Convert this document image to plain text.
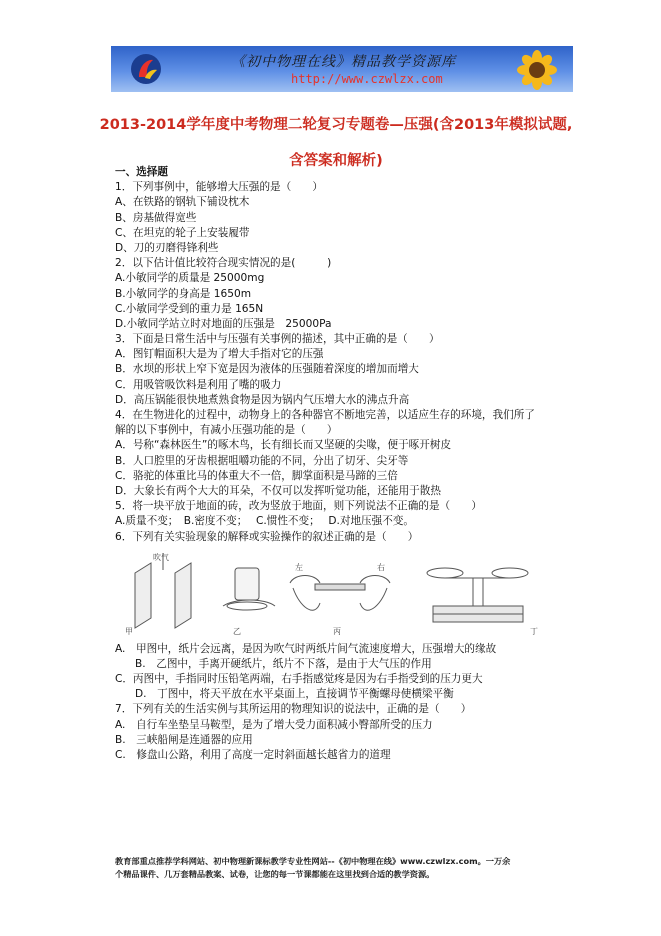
《初中物理在线》精品教学资源库
http://www.czwlzx.com
2013-2014学年度中考物理二轮复习专题卷—压强(含2013年模拟试题,含答案和解析)
一、选择题
1．下列事例中，能够增大压强的是（　　）
A、在铁路的钢轨下铺设枕木
B、房基做得宽些
C、在坦克的轮子上安装履带
D、刀的刃磨得锋利些
2．以下估计值比较符合现实情况的是(　　　)
A.小敏同学的质量是 25000mg
B.小敏同学的身高是 1650m
C.小敏同学受到的重力是 165N
D.小敏同学站立时对地面的压强是　25000Pa
3．下面是日常生活中与压强有关事例的描述，其中正确的是（　　）
A．图钉帽面积大是为了增大手指对它的压强
B．水坝的形状上窄下宽是因为液体的压强随着深度的增加而增大
C．用吸管吸饮料是利用了嘴的吸力
D．高压锅能很快地煮熟食物是因为锅内气压增大水的沸点升高
4．在生物进化的过程中，动物身上的各种器官不断地完善，以适应生存的环境，我们所了
解的以下事例中，有减小压强功能的是（　　）
A．号称“森林医生”的啄木鸟，长有细长而又坚硬的尖喙，便于啄开树皮
B．人口腔里的牙齿根据咀嚼功能的不同，分出了切牙、尖牙等
C．骆驼的体重比马的体重大不一倍，脚掌面积是马蹄的三倍
D．大象长有两个大大的耳朵，不仅可以发挥听觉功能，还能用于散热
5．将一块平放于地面的砖，改为竖放于地面，则下列说法不正确的是（　　）
A.质量不变；　B.密度不变；　 C.惯性不变；　 D.对地压强不变。
6．下列有关实验现象的解释或实验操作的叙述正确的是（　　）
吹气
甲	乙
左	右
丙	丁
A.　甲图中，纸片会远离，是因为吹气时两纸片间气流速度增大，压强增大的缘故
B.　乙图中，手离开硬纸片，纸片不下落，是由于大气压的作用
C．丙图中，手指同时压铅笔两端，右手指感觉疼是因为右手指受到的压力更大
D.　丁图中，将天平放在水平桌面上，直接调节平衡螺母使横梁平衡
7．下列有关的生活实例与其所运用的物理知识的说法中，正确的是（　　）
A.　自行车坐垫呈马鞍型，是为了增大受力面积减小臀部所受的压力
B.　三峡船闸是连通器的应用
C.　修盘山公路，利用了高度一定时斜面越长越省力的道理
教育部重点推荐学科网站、初中物理新课标教学专业性网站--《初中物理在线》www.czwlzx.com。一万余
个精品课件、几万套精品教案、试卷，让您的每一节课都能在这里找到合适的教学资源。
